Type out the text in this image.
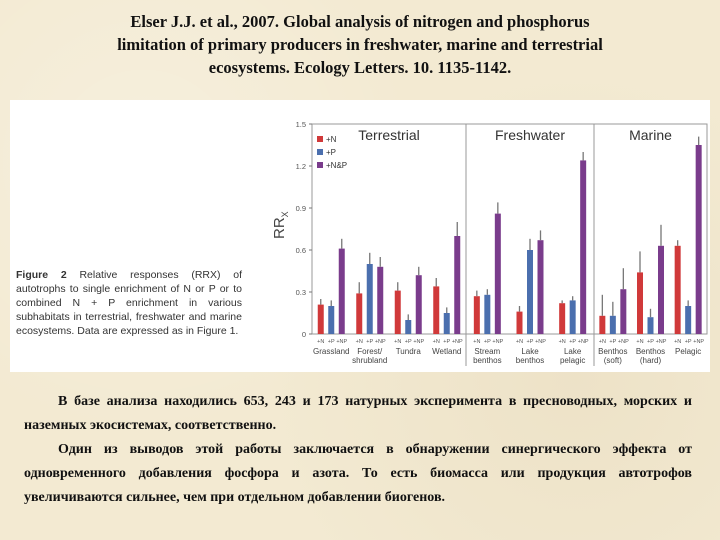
Elser J.J. et al., 2007. Global analysis of nitrogen and phosphorus
limitation of primary producers in freshwater, marine and terrestrial
ecosystems. Ecology Letters. 10. 1135-1142.
Figure 2 Relative responses (RRX) of autotrophs to single enrichment of N or P or to combined N + P enrichment in various subhabitats in terrestrial, freshwater and marine ecosystems. Data are expressed as in Figure 1.	0
0.3
0.6
0.9
1.2
1.5
$RR_X$
Terrestrial	Freshwater	Marine
+N
+P
+N&P
+N +P +NP
Grassland
+N +P +NP
Forest/
shrubland
+N +P +NP
Tundra
+N +P +NP
Wetland
+N +P +NP
Stream
benthos
+N +P +NP
Lake
benthos
+N +P +NP
Lake
pelagic
+N +P +NP
Benthos
(soft)
+N +P +NP
Benthos
(hard)
+N +P +NP
Pelagic

В базе анализа находились 653, 243 и 173 натурных эксперимента в пресноводных, морских и наземных экосистемах, соответственно.

Один из выводов этой работы заключается в обнаружении синергического эффекта от одновременного добавления фосфора и азота. То есть биомасса или продукция автотрофов увеличиваются сильнее, чем при отдельном добавлении биогенов.
